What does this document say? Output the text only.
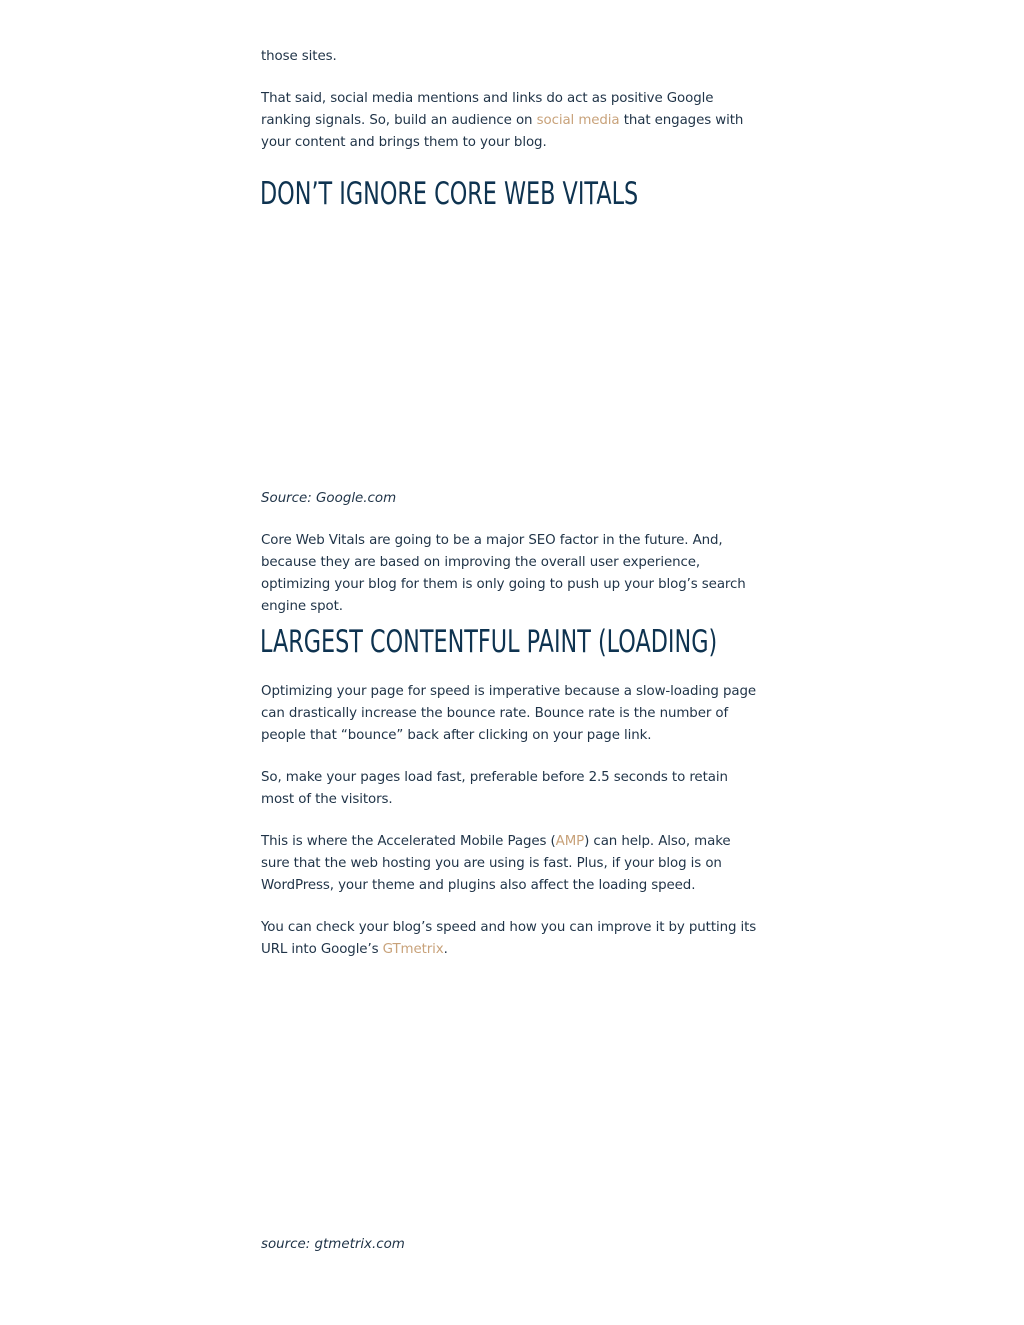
those sites.

That said, social media mentions and links do act as positive Google ranking signals. So, build an audience on social media that engages with your content and brings them to your blog.

DON’T IGNORE CORE WEB VITALS

Source: Google.com

Core Web Vitals are going to be a major SEO factor in the future. And, because they are based on improving the overall user experience, optimizing your blog for them is only going to push up your blog’s search engine spot.

LARGEST CONTENTFUL PAINT (LOADING)

Optimizing your page for speed is imperative because a slow-loading page can drastically increase the bounce rate. Bounce rate is the number of people that “bounce” back after clicking on your page link.

So, make your pages load fast, preferable before 2.5 seconds to retain most of the visitors.

This is where the Accelerated Mobile Pages (AMP) can help. Also, make sure that the web hosting you are using is fast. Plus, if your blog is on WordPress, your theme and plugins also affect the loading speed.

You can check your blog’s speed and how you can improve it by putting its URL into Google’s GTmetrix.

source: gtmetrix.com
